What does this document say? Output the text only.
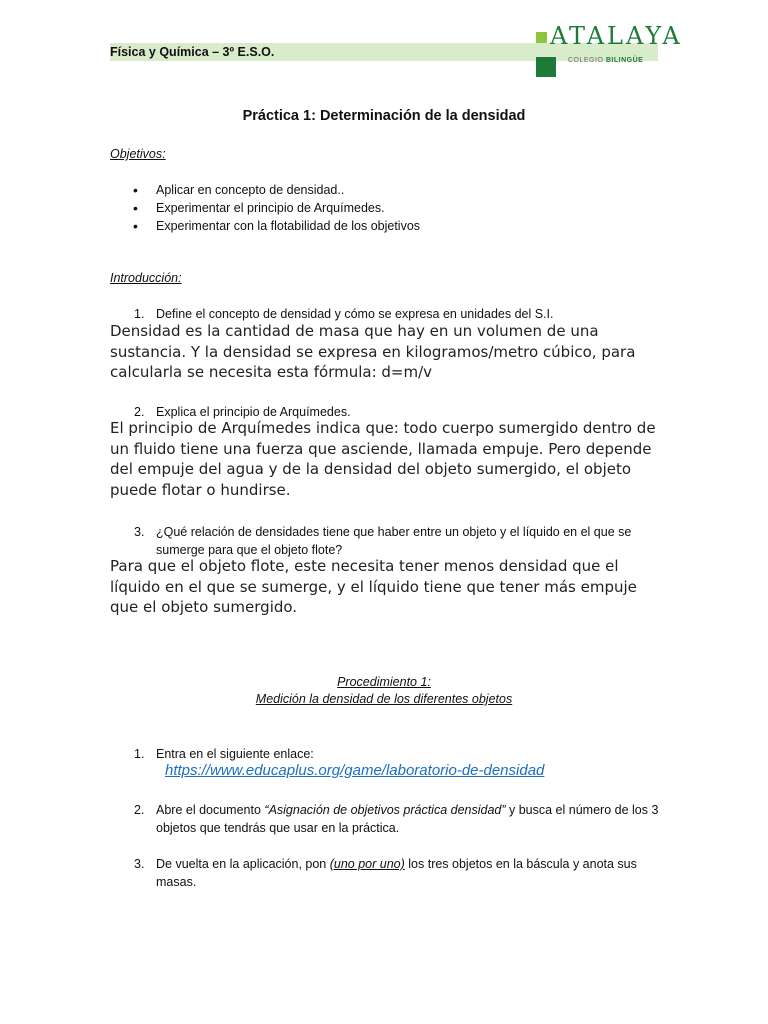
Física y Química – 3º E.S.O.
ATALAYA
COLEGIO BILINGÜE
Práctica 1: Determinación de la densidad
Objetivos:
• Aplicar en concepto de densidad..
• Experimentar el principio de Arquímedes.
• Experimentar con la flotabilidad de los objetivos
Introducción:
1. Define el concepto de densidad y cómo se expresa en unidades del S.I.
Densidad es la cantidad de masa que hay en un volumen de una sustancia. Y la densidad se expresa en kilogramos/metro cúbico, para calcularla se necesita esta fórmula: d=m/v
2. Explica el principio de Arquímedes.
El principio de Arquímedes indica que: todo cuerpo sumergido dentro de un fluido tiene una fuerza que asciende, llamada empuje. Pero depende del empuje del agua y de la densidad del objeto sumergido, el objeto puede flotar o hundirse.
3. ¿Qué relación de densidades tiene que haber entre un objeto y el líquido en el que se sumerge para que el objeto flote?
Para que el objeto flote, este necesita tener menos densidad que el líquido en el que se sumerge, y el líquido tiene que tener más empuje que el objeto sumergido.
Procedimiento 1:
Medición la densidad de los diferentes objetos
1. Entra en el siguiente enlace:
https://www.educaplus.org/game/laboratorio-de-densidad
2. Abre el documento “Asignación de objetivos práctica densidad” y busca el número de los 3 objetos que tendrás que usar en la práctica.
3. De vuelta en la aplicación, pon (uno por uno) los tres objetos en la báscula y anota sus masas.
